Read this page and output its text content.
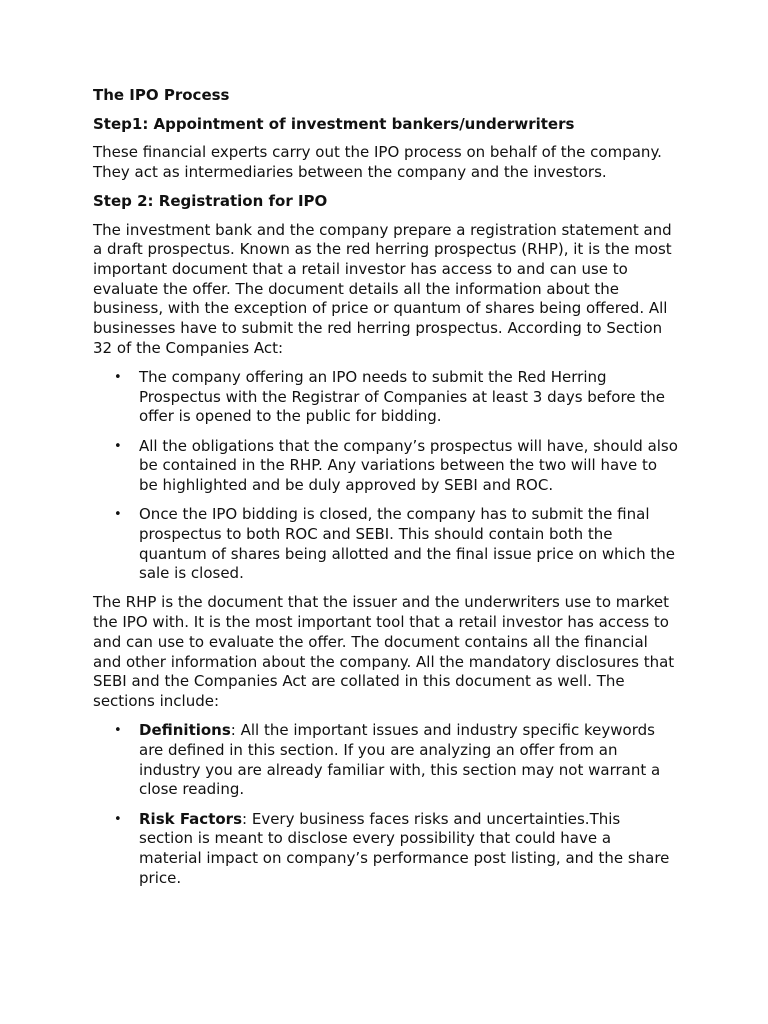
The IPO Process
Step1: Appointment of investment bankers/underwriters

These financial experts carry out the IPO process on behalf of the company. They act as intermediaries between the company and the investors.

Step 2: Registration for IPO

The investment bank and the company prepare a registration statement and a draft prospectus. Known as the red herring prospectus (RHP), it is the most important document that a retail investor has access to and can use to evaluate the offer. The document details all the information about the business, with the exception of price or quantum of shares being offered. All businesses have to submit the red herring prospectus. According to Section 32 of the Companies Act:

• The company offering an IPO needs to submit the Red Herring Prospectus with the Registrar of Companies at least 3 days before the offer is opened to the public for bidding.
• All the obligations that the company’s prospectus will have, should also be contained in the RHP. Any variations between the two will have to be highlighted and be duly approved by SEBI and ROC.
• Once the IPO bidding is closed, the company has to submit the final prospectus to both ROC and SEBI. This should contain both the quantum of shares being allotted and the final issue price on which the sale is closed.

The RHP is the document that the issuer and the underwriters use to market the IPO with. It is the most important tool that a retail investor has access to and can use to evaluate the offer. The document contains all the financial and other information about the company. All the mandatory disclosures that SEBI and the Companies Act are collated in this document as well. The sections include:

• Definitions: All the important issues and industry specific keywords are defined in this section. If you are analyzing an offer from an industry you are already familiar with, this section may not warrant a close reading.
• Risk Factors: Every business faces risks and uncertainties.This section is meant to disclose every possibility that could have a material impact on company’s performance post listing, and the share price.
